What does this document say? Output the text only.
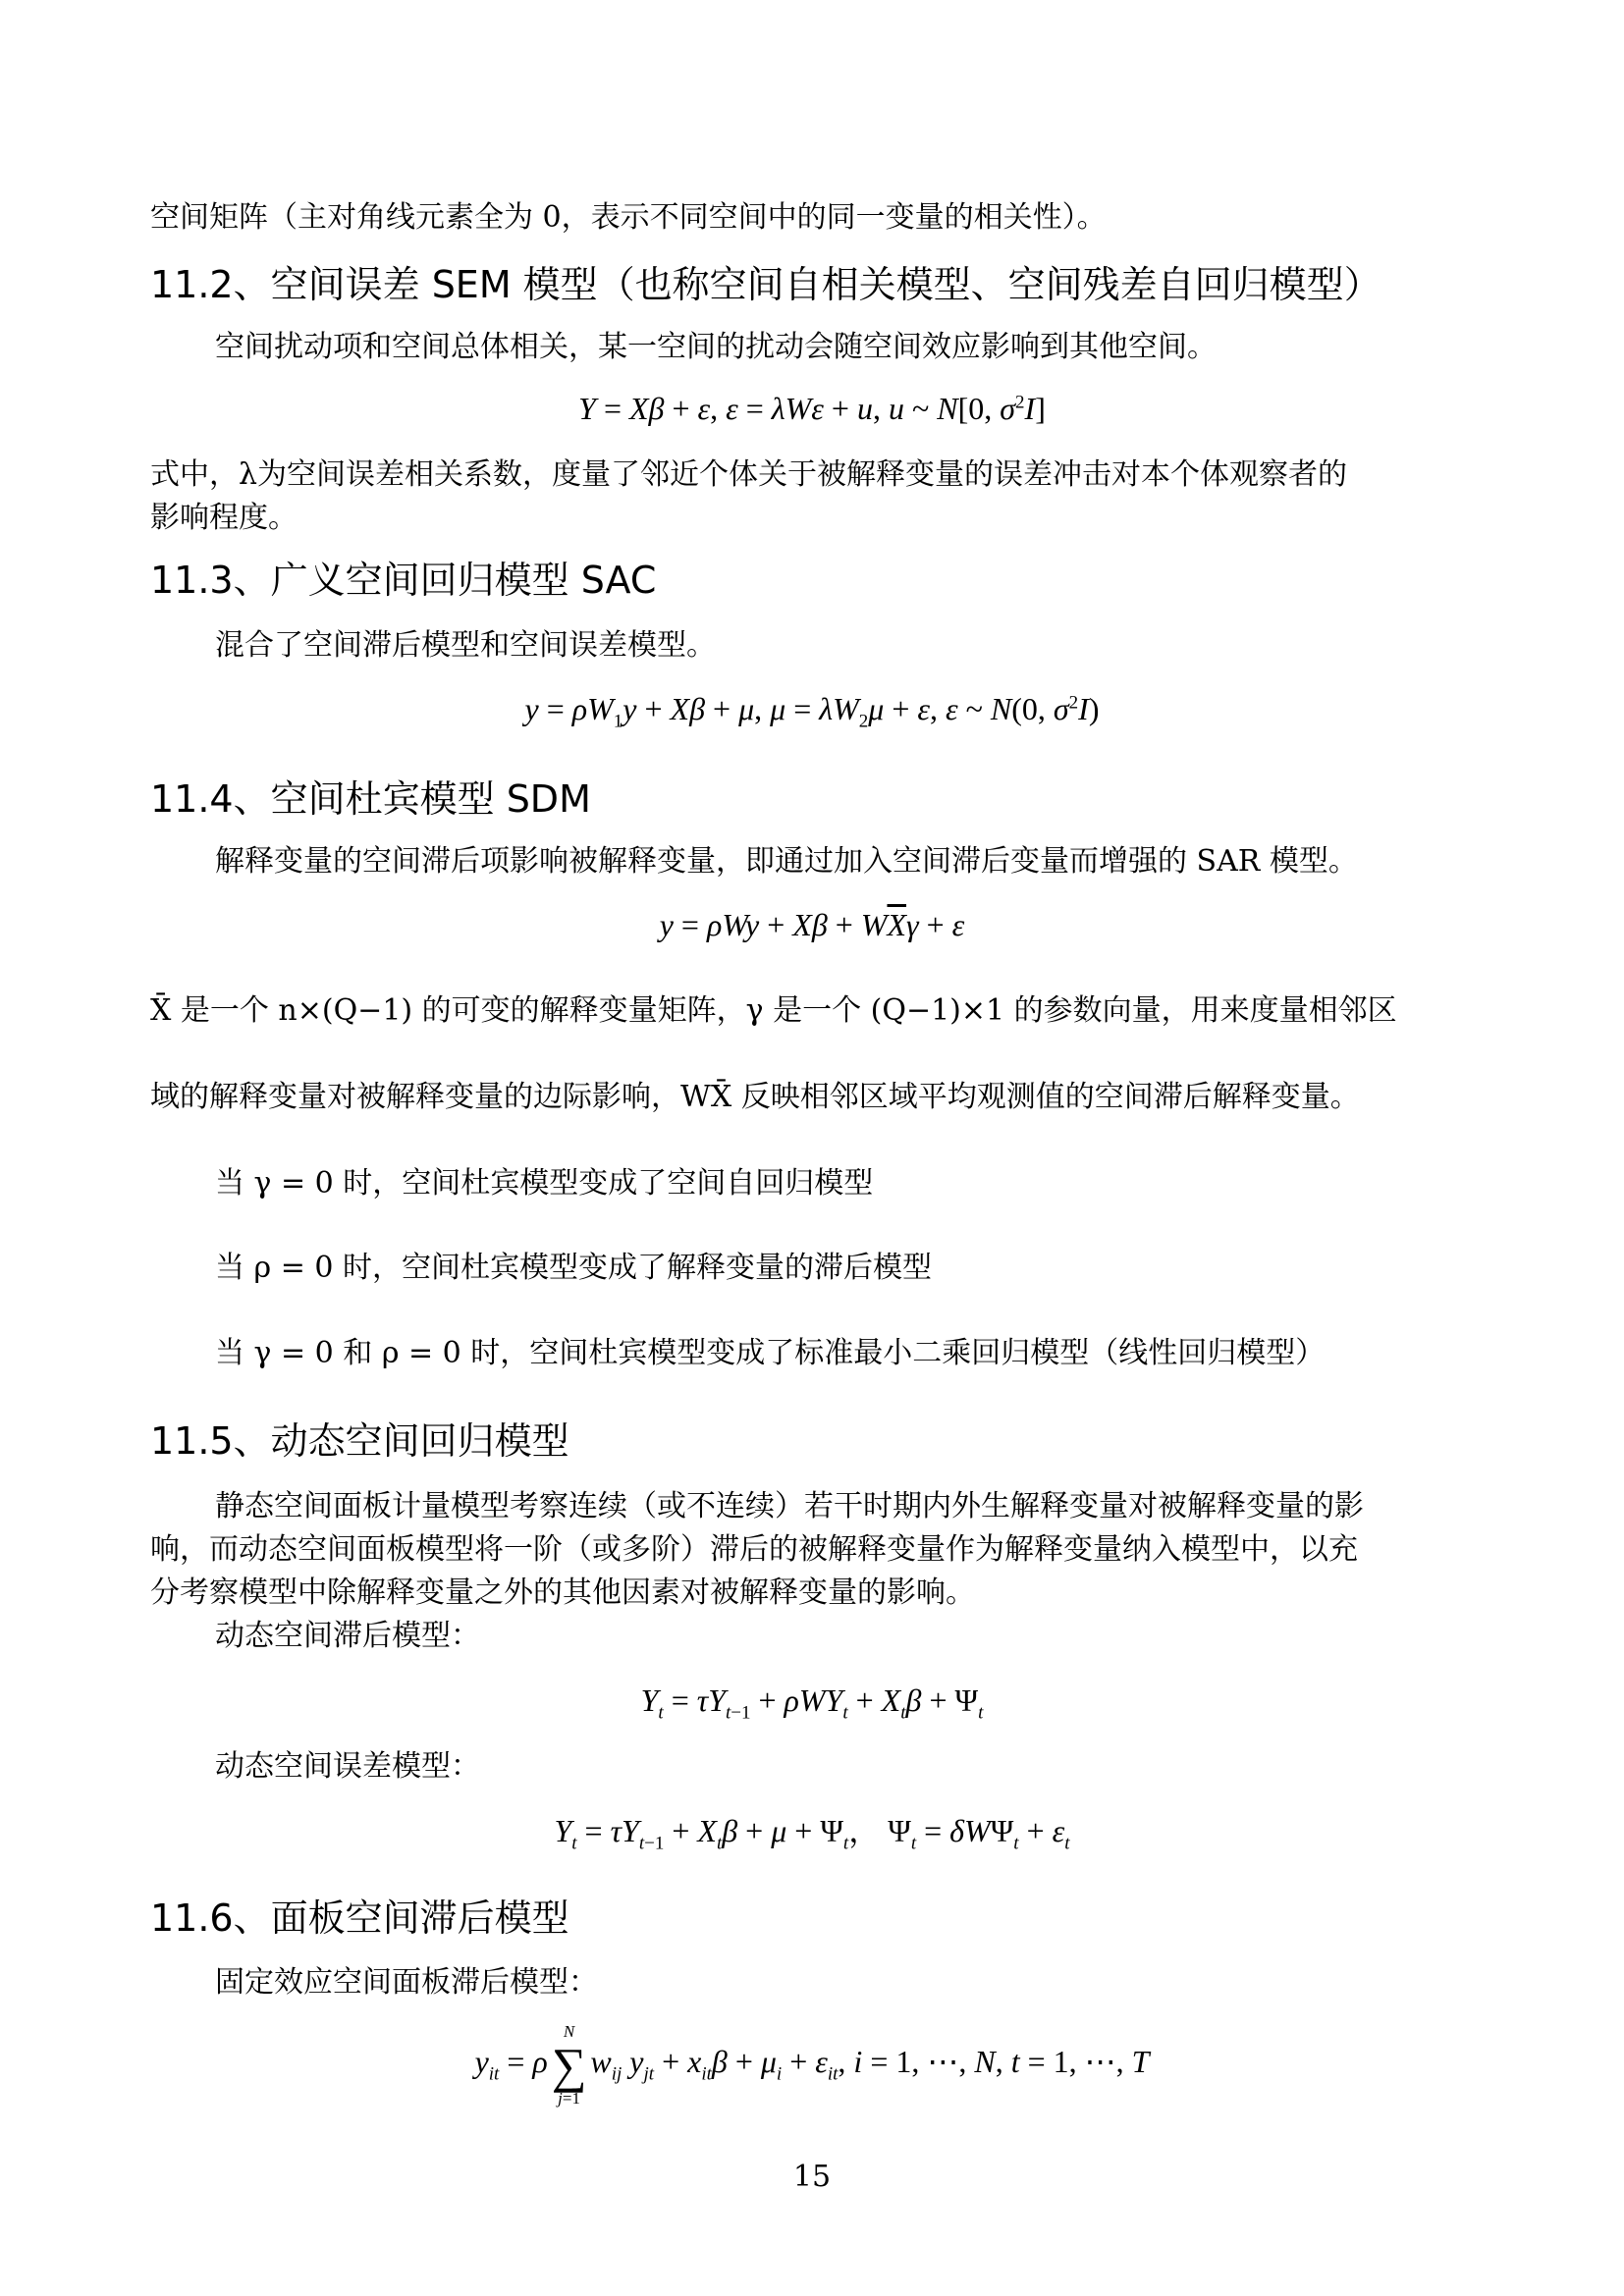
空间矩阵（主对角线元素全为 0，表示不同空间中的同一变量的相关性）。
11.2、空间误差 SEM 模型（也称空间自相关模型、空间残差自回归模型）
空间扰动项和空间总体相关，某一空间的扰动会随空间效应影响到其他空间。
Y = Xβ + ε, ε = λWε + u, u ~ N[0, $\sigma^2I$]
式中，λ为空间误差相关系数，度量了邻近个体关于被解释变量的误差冲击对本个体观察者的
影响程度。
11.3、广义空间回归模型 SAC
混合了空间滞后模型和空间误差模型。
$y = \rho W_1y + X\beta + \mu$, $\mu = \lambda W_2\mu + \varepsilon$, ε ~ N(0, $\sigma^2I$)
11.4、空间杜宾模型 SDM
解释变量的空间滞后项影响被解释变量，即通过加入空间滞后变量而增强的 SAR 模型。
$y = \rho Wy + X\beta + W\overline{X}\gamma + \varepsilon$
X̄ 是一个 n×(Q−1) 的可变的解释变量矩阵，γ 是一个 (Q−1)×1 的参数向量，用来度量相邻区
域的解释变量对被解释变量的边际影响，WX̄ 反映相邻区域平均观测值的空间滞后解释变量。
当 γ = 0 时，空间杜宾模型变成了空间自回归模型
当 ρ = 0 时，空间杜宾模型变成了解释变量的滞后模型
当 γ = 0 和 ρ = 0 时，空间杜宾模型变成了标准最小二乘回归模型（线性回归模型）
11.5、动态空间回归模型
静态空间面板计量模型考察连续（或不连续）若干时期内外生解释变量对被解释变量的影
响，而动态空间面板模型将一阶（或多阶）滞后的被解释变量作为解释变量纳入模型中，以充
分考察模型中除解释变量之外的其他因素对被解释变量的影响。
动态空间滞后模型：
$Y_t = \tau Y_{t-1} + \rho WY_t + X_t\beta + \Psi_t$
动态空间误差模型：
$Y_t = \tau Y_{t-1} + X_t\beta + \mu + \Psi_t$， $\Psi_t = \delta W\Psi_t + \varepsilon_t$
11.6、面板空间滞后模型
固定效应空间面板滞后模型：
$y_{it} = \rho\sum$
N
j=1
$w_{ij}$ $y_{jt} + x_{it}\beta + \mu_i + \varepsilon_{it}$, i = 1, ⋯, N, t = 1, ⋯, T
15
